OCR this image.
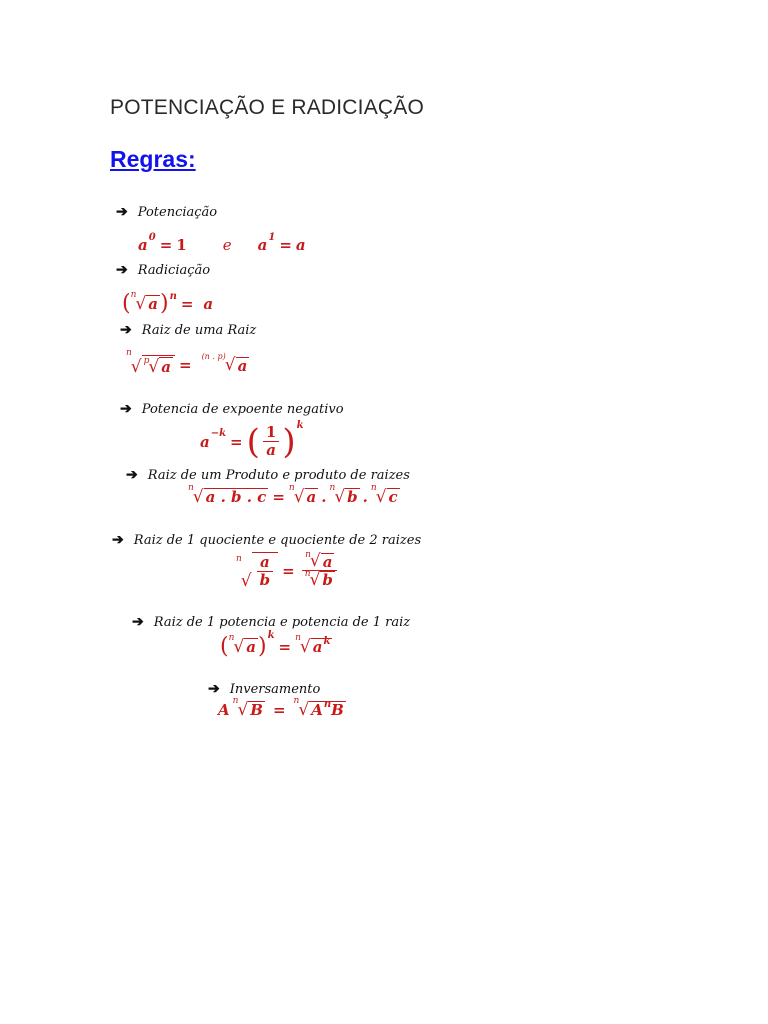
POTENCIAÇÃO E RADICIAÇÃO
Regras:
➔ Potenciação
a 0 = 1 e a 1 = a
➔ Radiciação
( n √ a ) n = a
➔ Raiz de uma Raiz
n
√ $^p$ √ a = (n . p) √ a
➔ Potencia de expoente negativo
a −k = ( $\frac{1}{a}$ ) k
➔ Raiz de um Produto e produto de raizes
n √ a . b . c = n √ a . n √ b . n √ c
➔ Raiz de 1 quociente e quociente de 2 raizes
n
√ $\frac{a}{b} = \frac{^n √ a}{^n √ b}$
➔ Raiz de 1 potencia e potencia de 1 raiz
( n √ a ) k
= n √ $a^k$
➔ Inversamento
A n √ B = n √ $A^nB$
